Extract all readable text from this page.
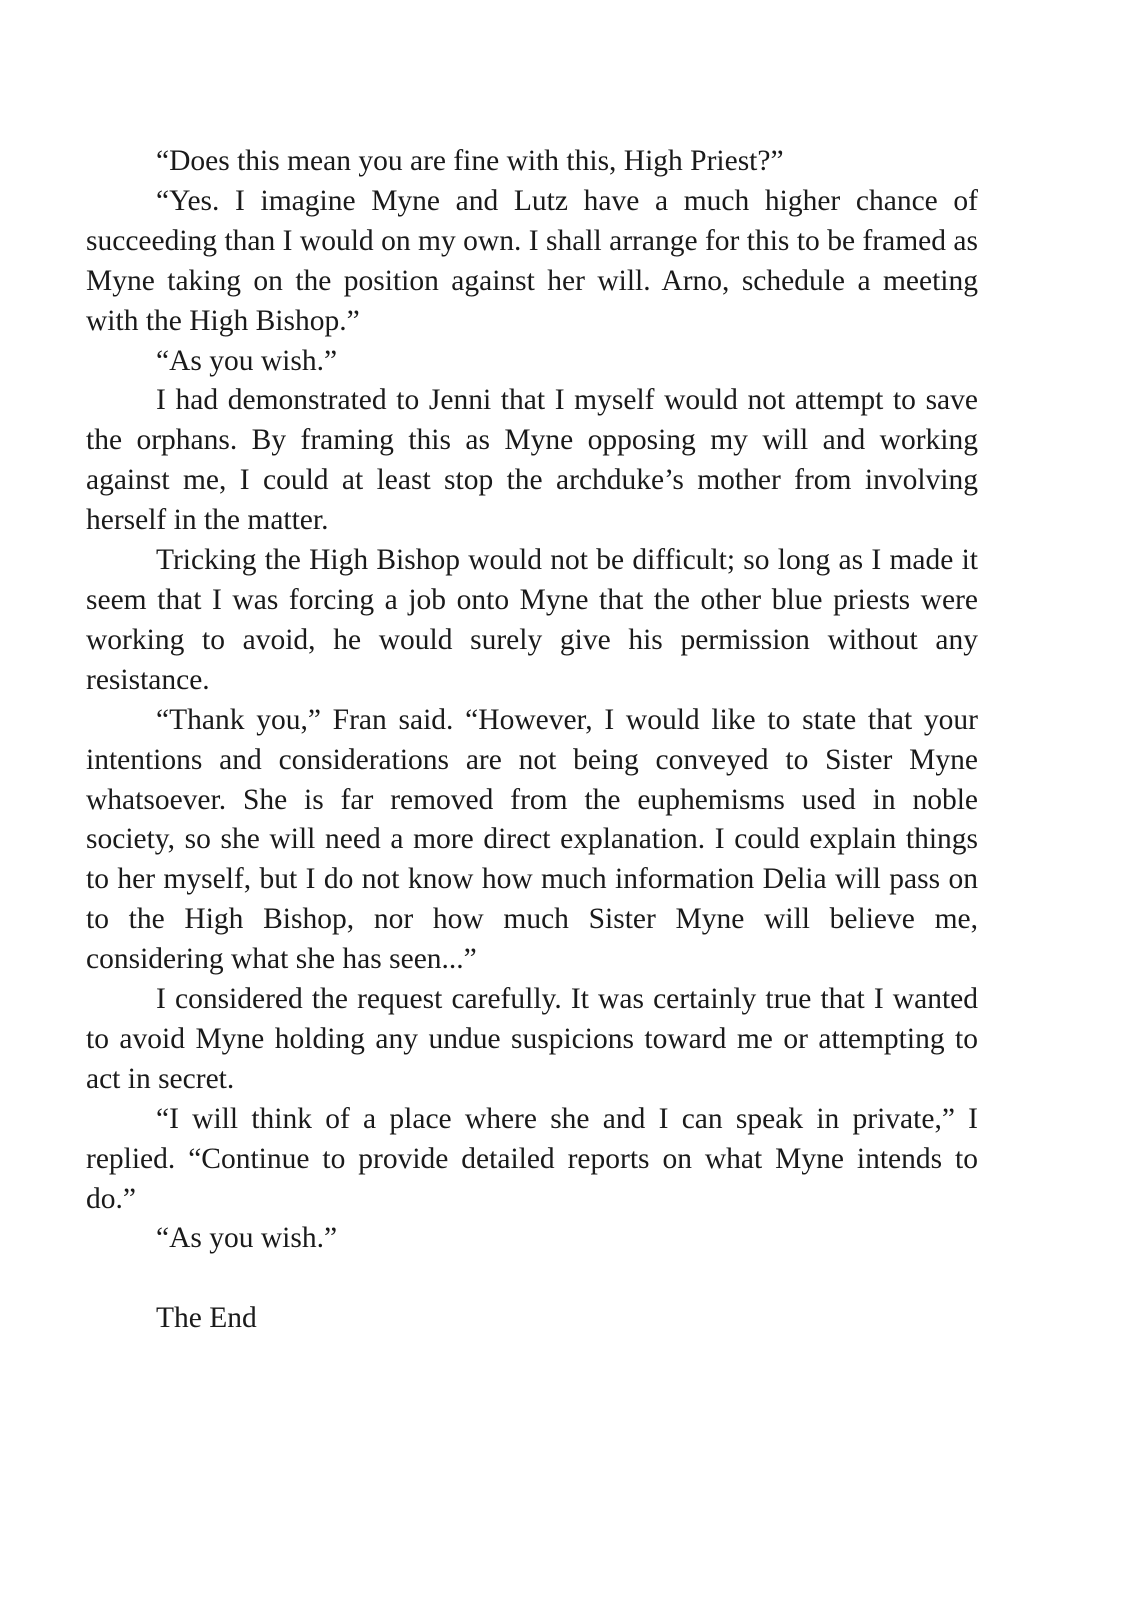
“Does this mean you are fine with this, High Priest?”

“Yes. I imagine Myne and Lutz have a much higher chance of succeeding than I would on my own. I shall arrange for this to be framed as Myne taking on the position against her will. Arno, schedule a meeting with the High Bishop.”

“As you wish.”

I had demonstrated to Jenni that I myself would not attempt to save the orphans. By framing this as Myne opposing my will and working against me, I could at least stop the archduke’s mother from involving herself in the matter.

Tricking the High Bishop would not be difficult; so long as I made it seem that I was forcing a job onto Myne that the other blue priests were working to avoid, he would surely give his permission without any resistance.

“Thank you,” Fran said. “However, I would like to state that your intentions and considerations are not being conveyed to Sister Myne whatsoever. She is far removed from the euphemisms used in noble society, so she will need a more direct explanation. I could explain things to her myself, but I do not know how much information Delia will pass on to the High Bishop, nor how much Sister Myne will believe me, considering what she has seen...”

I considered the request carefully. It was certainly true that I wanted to avoid Myne holding any undue suspicions toward me or attempting to act in secret.

“I will think of a place where she and I can speak in private,” I replied. “Continue to provide detailed reports on what Myne intends to do.”

“As you wish.”

The End
